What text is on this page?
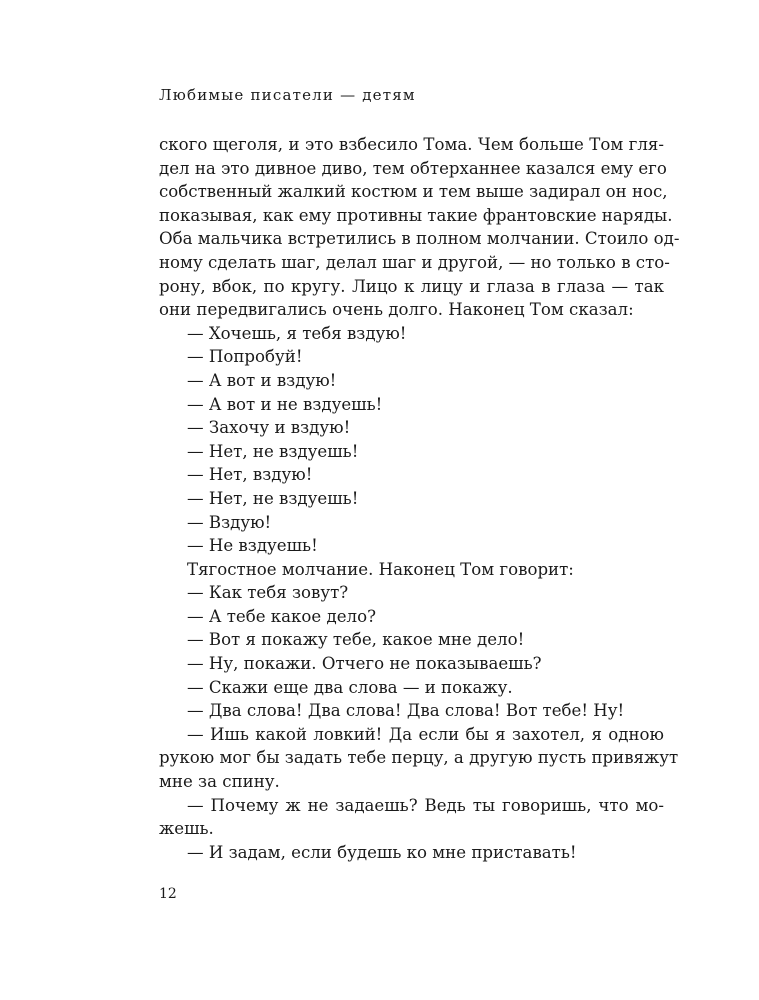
Любимые писатели — детям
ского щеголя, и это взбесило Тома. Чем больше Том гля-
дел на это дивное диво, тем обтерханнее казался ему его
собственный жалкий костюм и тем выше задирал он нос,
показывая, как ему противны такие франтовские наряды.
Оба мальчика встретились в полном молчании. Стоило од-
ному сделать шаг, делал шаг и другой, — но только в сто-
рону, вбок, по кругу. Лицо к лицу и глаза в глаза — так
они передвигались очень долго. Наконец Том сказал:
— Хочешь, я тебя вздую!
— Попробуй!
— А вот и вздую!
— А вот и не вздуешь!
— Захочу и вздую!
— Нет, не вздуешь!
— Нет, вздую!
— Нет, не вздуешь!
— Вздую!
— Не вздуешь!
Тягостное молчание. Наконец Том говорит:
— Как тебя зовут?
— А тебе какое дело?
— Вот я покажу тебе, какое мне дело!
— Ну, покажи. Отчего не показываешь?
— Скажи еще два слова — и покажу.
— Два слова! Два слова! Два слова! Вот тебе! Ну!
— Ишь какой ловкий! Да если бы я захотел, я одною
рукою мог бы задать тебе перцу, а другую пусть привяжут
мне за спину.
— Почему ж не задаешь? Ведь ты говоришь, что мо-
жешь.
— И задам, если будешь ко мне приставать!
12
